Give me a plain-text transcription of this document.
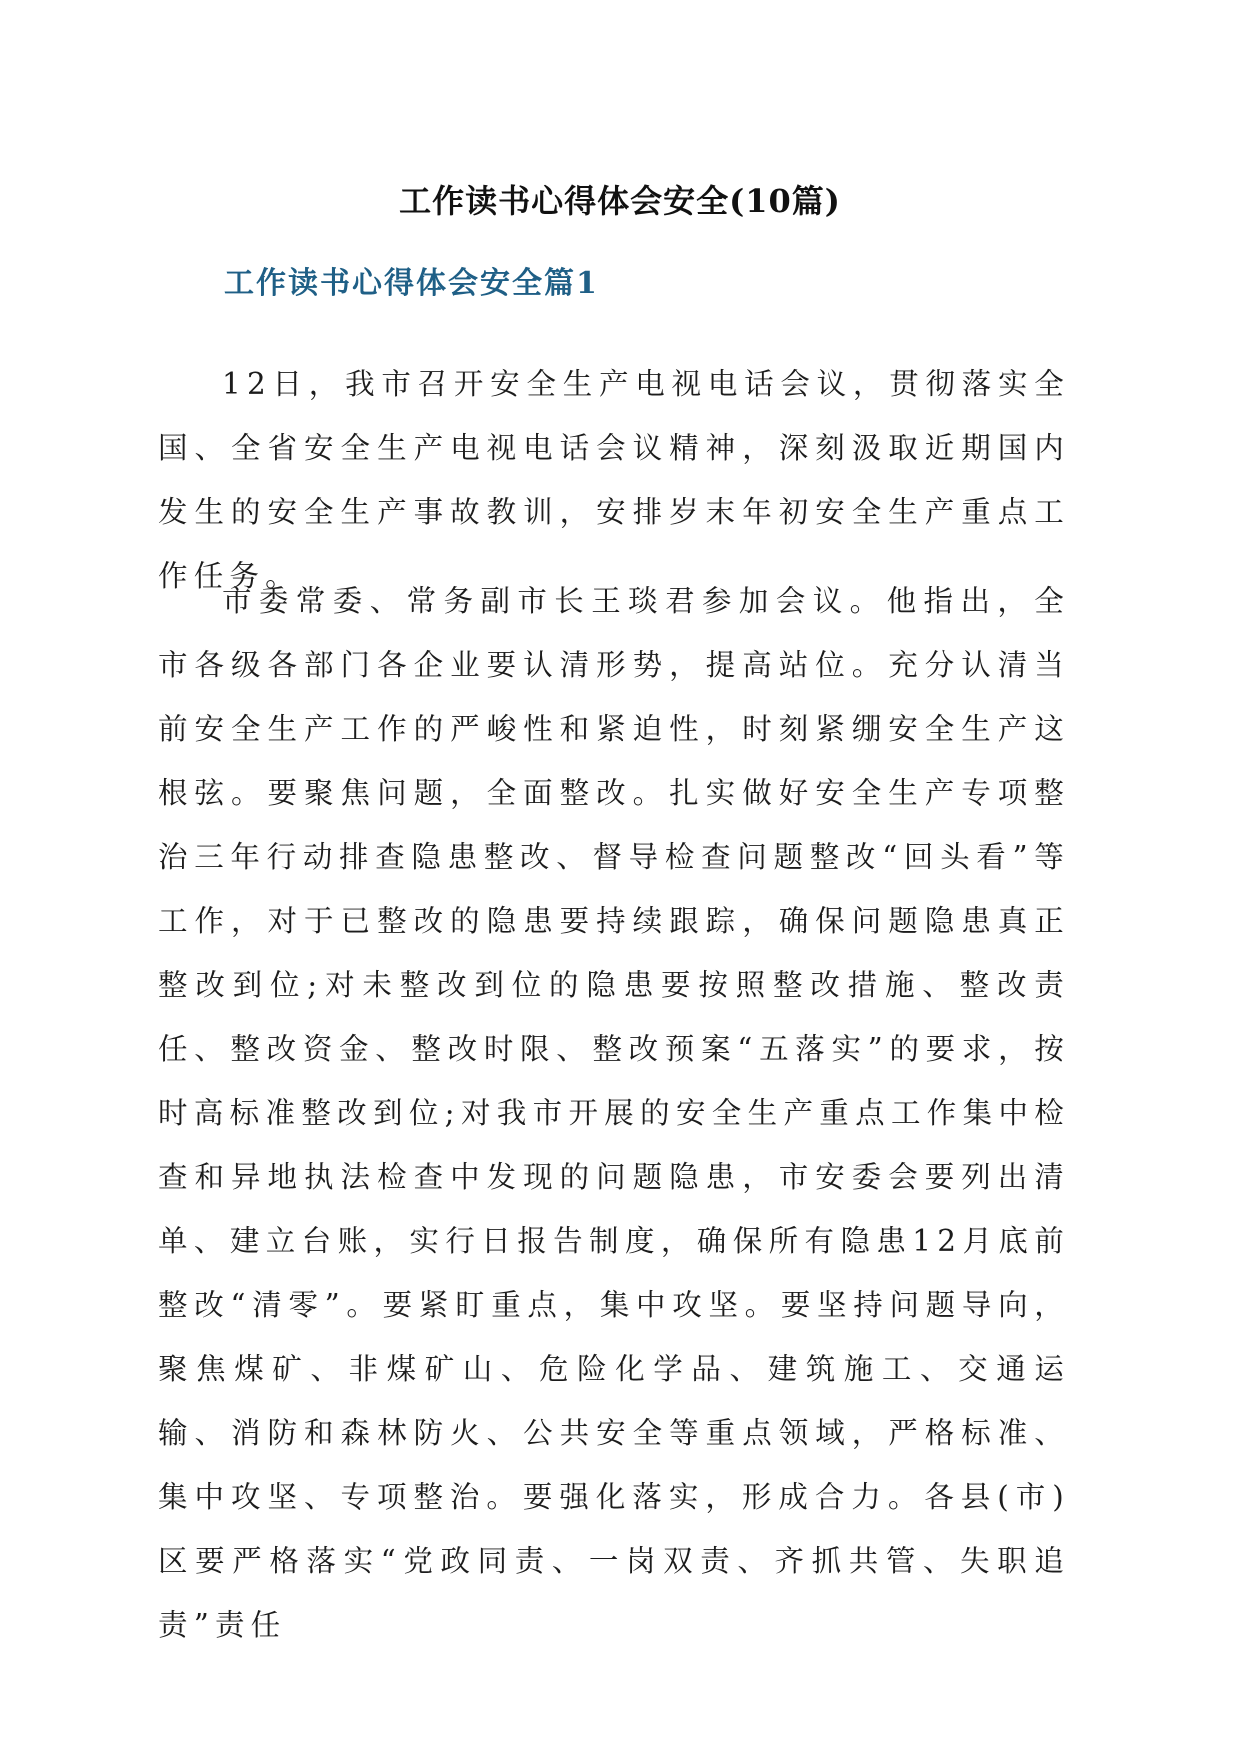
工作读书心得体会安全(10篇)
工作读书心得体会安全篇1

12日，我市召开安全生产电视电话会议，贯彻落实全国、全省安全生产电视电话会议精神，深刻汲取近期国内发生的安全生产事故教训，安排岁末年初安全生产重点工作任务。

市委常委、常务副市长王琰君参加会议。他指出，全市各级各部门各企业要认清形势，提高站位。充分认清当前安全生产工作的严峻性和紧迫性，时刻紧绷安全生产这根弦。要聚焦问题，全面整改。扎实做好安全生产专项整治三年行动排查隐患整改、督导检查问题整改“回头看”等工作，对于已整改的隐患要持续跟踪，确保问题隐患真正整改到位;对未整改到位的隐患要按照整改措施、整改责任、整改资金、整改时限、整改预案“五落实”的要求，按时高标准整改到位;对我市开展的安全生产重点工作集中检查和异地执法检查中发现的问题隐患，市安委会要列出清单、建立台账，实行日报告制度，确保所有隐患12月底前整改“清零”。要紧盯重点，集中攻坚。要坚持问题导向，聚焦煤矿、非煤矿山、危险化学品、建筑施工、交通运输、消防和森林防火、公共安全等重点领域，严格标准、集中攻坚、专项整治。要强化落实，形成合力。各县(市)区要严格落实“党政同责、一岗双责、齐抓共管、失职追责”责任
